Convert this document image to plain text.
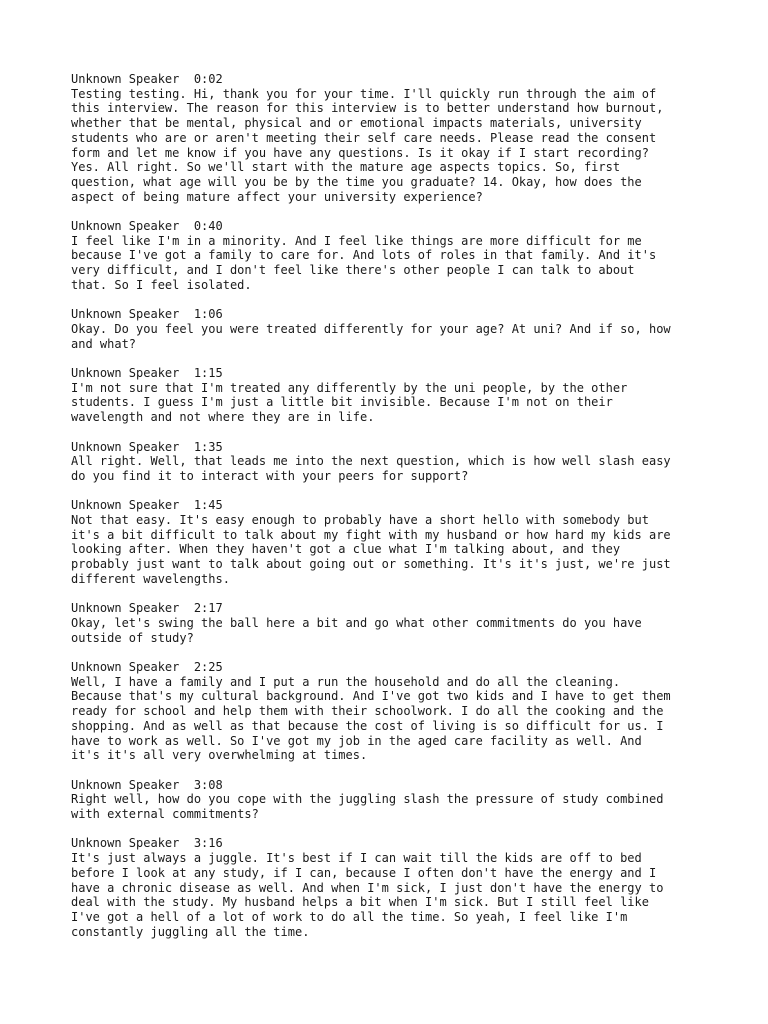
Unknown Speaker 0:02
Testing testing. Hi, thank you for your time. I'll quickly run through the aim of
this interview. The reason for this interview is to better understand how burnout,
whether that be mental, physical and or emotional impacts materials, university
students who are or aren't meeting their self care needs. Please read the consent
form and let me know if you have any questions. Is it okay if I start recording?
Yes. All right. So we'll start with the mature age aspects topics. So, first
question, what age will you be by the time you graduate? 14. Okay, how does the
aspect of being mature affect your university experience?
Unknown Speaker 0:40
I feel like I'm in a minority. And I feel like things are more difficult for me
because I've got a family to care for. And lots of roles in that family. And it's
very difficult, and I don't feel like there's other people I can talk to about
that. So I feel isolated.
Unknown Speaker 1:06
Okay. Do you feel you were treated differently for your age? At uni? And if so, how
and what?
Unknown Speaker 1:15
I'm not sure that I'm treated any differently by the uni people, by the other
students. I guess I'm just a little bit invisible. Because I'm not on their
wavelength and not where they are in life.
Unknown Speaker 1:35
All right. Well, that leads me into the next question, which is how well slash easy
do you find it to interact with your peers for support?
Unknown Speaker 1:45
Not that easy. It's easy enough to probably have a short hello with somebody but
it's a bit difficult to talk about my fight with my husband or how hard my kids are
looking after. When they haven't got a clue what I'm talking about, and they
probably just want to talk about going out or something. It's it's just, we're just
different wavelengths.
Unknown Speaker 2:17
Okay, let's swing the ball here a bit and go what other commitments do you have
outside of study?
Unknown Speaker 2:25
Well, I have a family and I put a run the household and do all the cleaning.
Because that's my cultural background. And I've got two kids and I have to get them
ready for school and help them with their schoolwork. I do all the cooking and the
shopping. And as well as that because the cost of living is so difficult for us. I
have to work as well. So I've got my job in the aged care facility as well. And
it's it's all very overwhelming at times.
Unknown Speaker 3:08
Right well, how do you cope with the juggling slash the pressure of study combined
with external commitments?
Unknown Speaker 3:16
It's just always a juggle. It's best if I can wait till the kids are off to bed
before I look at any study, if I can, because I often don't have the energy and I
have a chronic disease as well. And when I'm sick, I just don't have the energy to
deal with the study. My husband helps a bit when I'm sick. But I still feel like
I've got a hell of a lot of work to do all the time. So yeah, I feel like I'm
constantly juggling all the time.
